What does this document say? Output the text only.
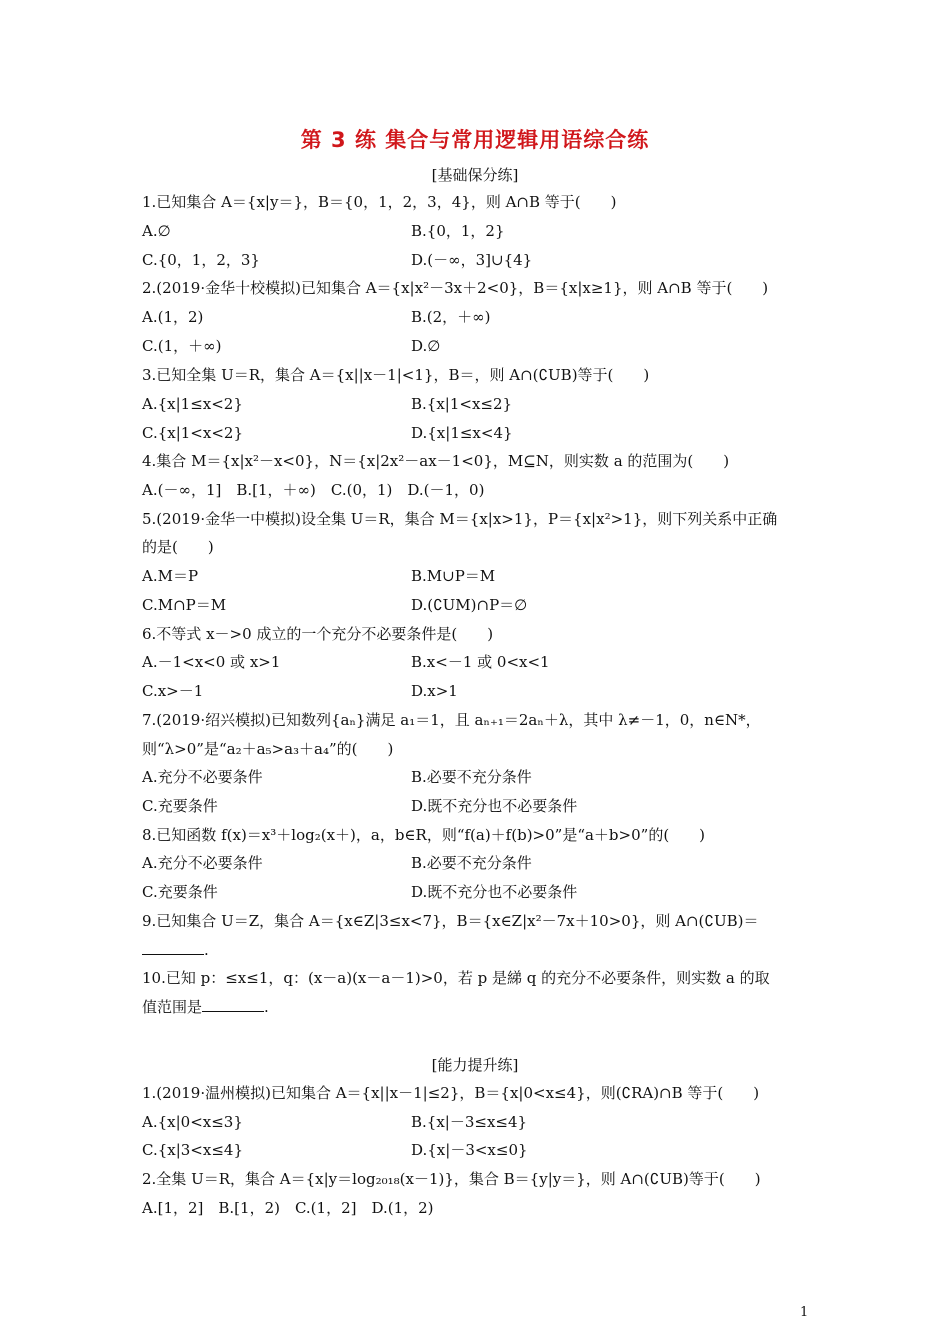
第 3 练 集合与常用逻辑用语综合练
[基础保分练]
1.已知集合 A＝{x|y＝}，B＝{0，1，2，3，4}，则 A∩B 等于(　　)
A.∅	B.{0，1，2}
C.{0，1，2，3}	D.(－∞，3]∪{4}
2.(2019·金华十校模拟)已知集合 A＝{x|x²－3x＋2<0}，B＝{x|x≥1}，则 A∩B 等于(　　)
A.(1，2)	B.(2，＋∞)
C.(1，＋∞)	D.∅
3.已知全集 U＝R，集合 A＝{x||x－1|<1}，B＝，则 A∩(∁UB)等于(　　)
A.{x|1≤x<2}	B.{x|1<x≤2}
C.{x|1<x<2}	D.{x|1≤x<4}
4.集合 M＝{x|x²－x<0}，N＝{x|2x²－ax－1<0}，M⊆N，则实数 a 的范围为(　　)
A.(－∞，1]　B.[1，＋∞)　C.(0，1)　D.(－1，0)
5.(2019·金华一中模拟)设全集 U＝R，集合 M＝{x|x>1}，P＝{x|x²>1}，则下列关系中正确
的是(　　)
A.M＝P	B.M∪P＝M
C.M∩P＝M	D.(∁UM)∩P＝∅
6.不等式 x－>0 成立的一个充分不必要条件是(　　)
A.－1<x<0 或 x>1	B.x<－1 或 0<x<1
C.x>－1	D.x>1
7.(2019·绍兴模拟)已知数列{aₙ}满足 a₁＝1，且 aₙ₊₁＝2aₙ＋λ，其中 λ≠－1，0，n∈N*，
则“λ>0”是“a₂＋a₅>a₃＋a₄”的(　　)
A.充分不必要条件	B.必要不充分条件
C.充要条件	D.既不充分也不必要条件
8.已知函数 f(x)＝x³＋log₂(x＋)，a，b∈R，则“f(a)＋f(b)>0”是“a＋b>0”的(　　)
A.充分不必要条件	B.必要不充分条件
C.充要条件	D.既不充分也不必要条件
9.已知集合 U＝Z，集合 A＝{x∈Z|3≤x<7}，B＝{x∈Z|x²－7x＋10>0}，则 A∩(∁UB)＝
.
10.已知 p：≤x≤1，q：(x－a)(x－a－1)>0，若 p 是綈 q 的充分不必要条件，则实数 a 的取
值范围是	.
[能力提升练]
1.(2019·温州模拟)已知集合 A＝{x||x－1|≤2}，B＝{x|0<x≤4}，则(∁RA)∩B 等于(　　)
A.{x|0<x≤3}	B.{x|－3≤x≤4}
C.{x|3<x≤4}	D.{x|－3<x≤0}
2.全集 U＝R，集合 A＝{x|y＝log₂₀₁₈(x－1)}，集合 B＝{y|y＝}，则 A∩(∁UB)等于(　　)
A.[1，2]　B.[1，2)　C.(1，2]　D.(1，2)
1
